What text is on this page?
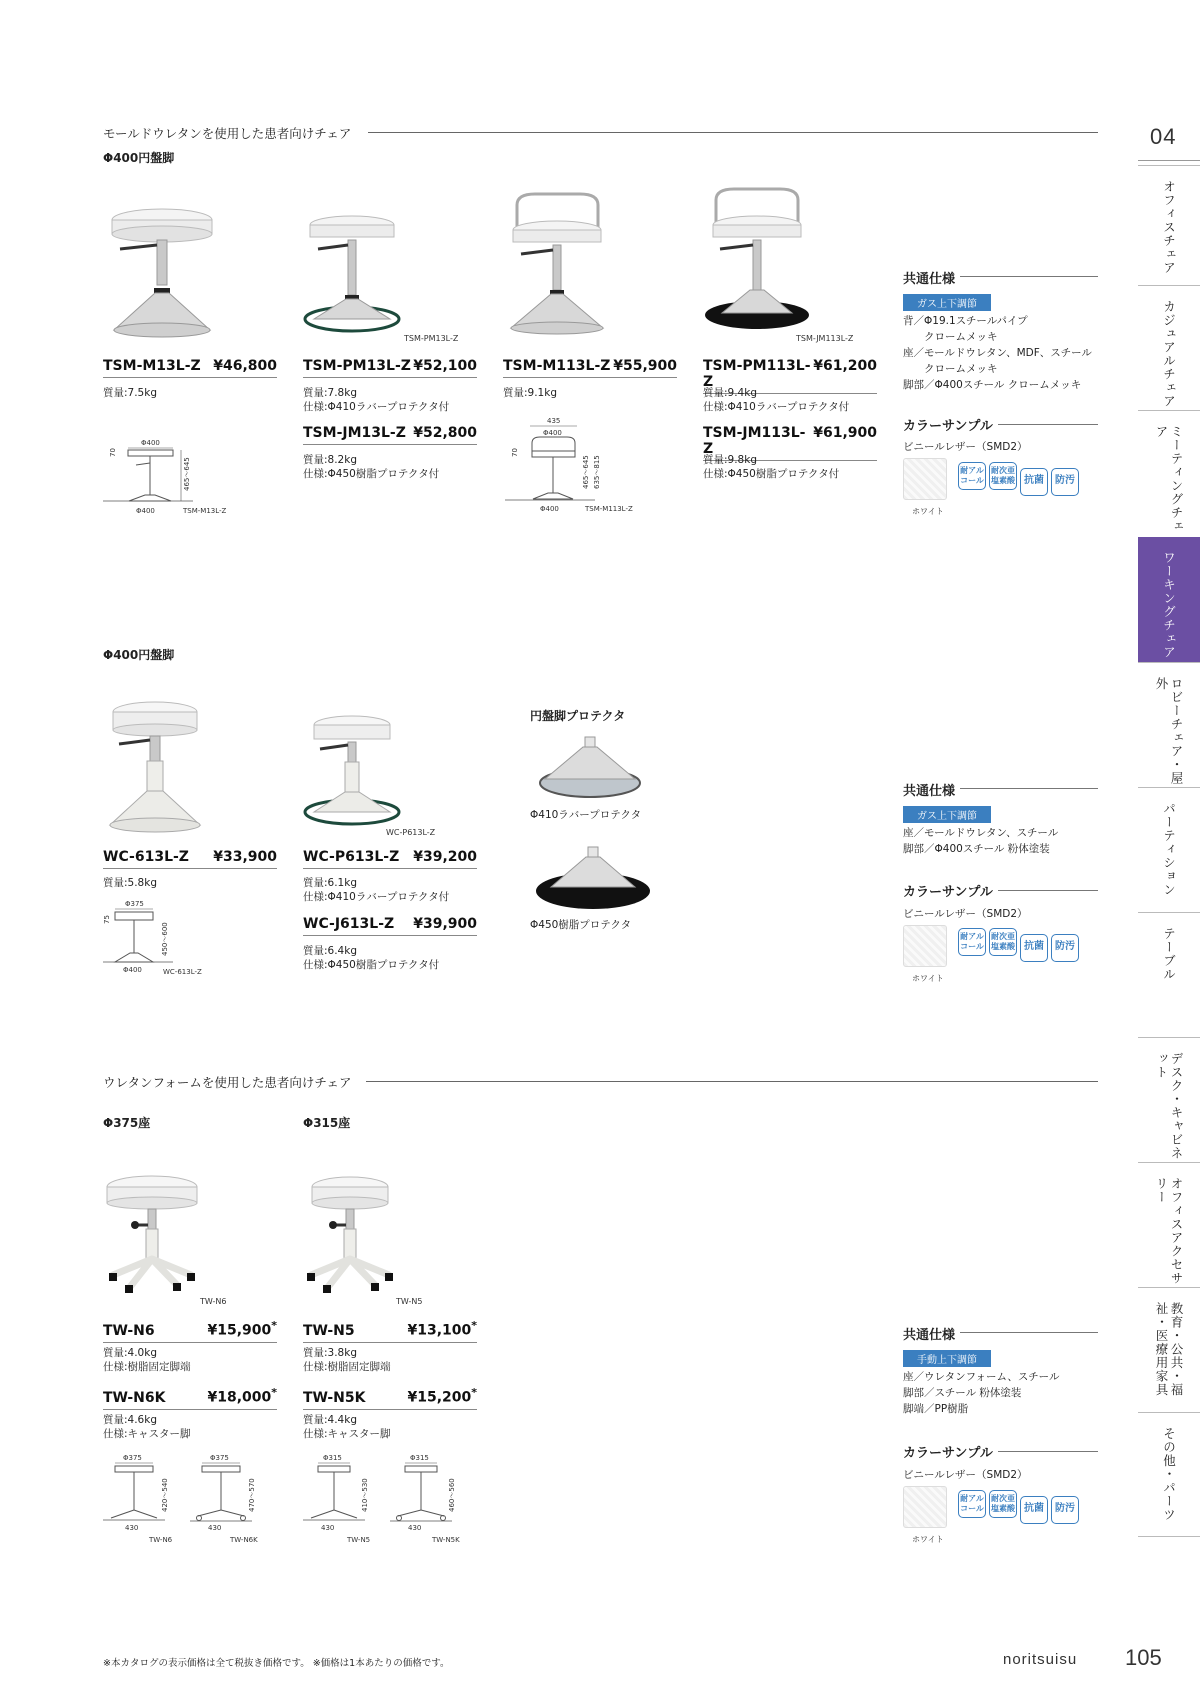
04
オフィスチェア
カジュアルチェア
ミーティングチェア
ワーキングチェア
ロビーチェア・屋外
パーティション
テーブル
デスク・キャビネット
オフィスアクセサリー
教育・公共・福祉・医療用家具
その他・パーツ
モールドウレタンを使用した患者向けチェア
Φ400円盤脚
TSM-PM13L-Z	TSM-JM113L-Z
TSM-M13L-Z ¥46,800
質量:7.5kg
TSM-PM13L-Z ¥52,100
質量:7.8kg
仕様:Φ410ラバープロテクタ付
TSM-JM13L-Z ¥52,800
質量:8.2kg
仕様:Φ450樹脂プロテクタ付
TSM-M113L-Z ¥55,900
質量:9.1kg
TSM-PM113L-Z
¥61,200
質量:9.4kg
仕様:Φ410ラバープロテクタ付
TSM-JM113L-Z
¥61,900
質量:9.8kg
仕様:Φ450樹脂プロテクタ付
Φ400
70
465〜645
Φ400	TSM-M13L-Z
435
Φ400
70
465〜645 635〜815
Φ400	TSM-M113L-Z
共通仕様
ガス上下調節
背／Φ19.1スチールパイプ
　　クロームメッキ
座／モールドウレタン、MDF、スチール
　　クロームメッキ
脚部／Φ400スチール クロームメッキ
カラーサンプル
ビニールレザー（SMD2）
ホワイト
耐アルコール耐次亜塩素酸 抗菌 防汚
Φ400円盤脚
WC-P613L-Z
WC-613L-Z ¥33,900
質量:5.8kg
WC-P613L-Z ¥39,200
質量:6.1kg
仕様:Φ410ラバープロテクタ付
WC-J613L-Z ¥39,900
質量:6.4kg
仕様:Φ450樹脂プロテクタ付
Φ375
75
450〜600
Φ400	WC-613L-Z
円盤脚プロテクタ
Φ410ラバープロテクタ
Φ450樹脂プロテクタ
共通仕様
ガス上下調節
座／モールドウレタン、スチール
脚部／Φ400スチール 粉体塗装
カラーサンプル
ビニールレザー（SMD2）
ホワイト
耐アルコール耐次亜塩素酸 抗菌 防汚
ウレタンフォームを使用した患者向けチェア
Φ375座	Φ315座
TW-N6	TW-N5
TW-N6	¥15,900*
質量:4.0kg
仕様:樹脂固定脚端
TW-N6K	¥18,000*
質量:4.6kg
仕様:キャスター脚
TW-N5	¥13,100*
質量:3.8kg
仕様:樹脂固定脚端
TW-N5K	¥15,200*
質量:4.4kg
仕様:キャスター脚
Φ375
420〜540
430
TW-N6
Φ375
470〜570
430
TW-N6K
Φ315
410〜530
430
TW-N5
Φ315
460〜560
430
TW-N5K
共通仕様
手動上下調節
座／ウレタンフォーム、スチール
脚部／スチール 粉体塗装
脚端／PP樹脂
カラーサンプル
ビニールレザー（SMD2）
ホワイト
耐アルコール耐次亜塩素酸 抗菌 防汚
※本カタログの表示価格は全て税抜き価格です。 ※価格は1本あたりの価格です。	noritsuisu 105
